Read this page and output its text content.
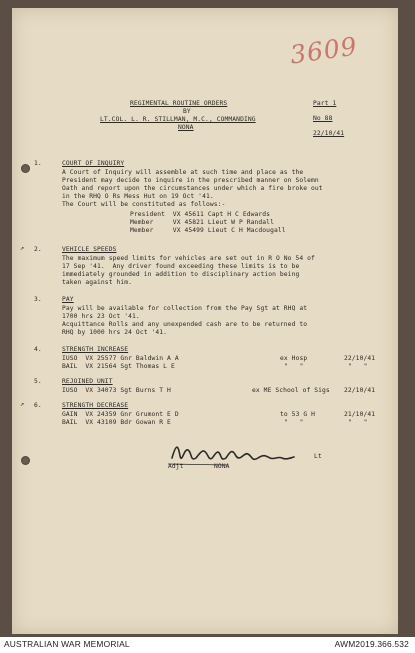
3609
REGIMENTAL ROUTINE ORDERS
BY
LT.COL. L. R. STILLMAN, M.C., COMMANDING
NONA
Part 1
No 88
22/10/41
1.	COURT OF INQUIRY
A Court of Inquiry will assemble at such time and place as the
President may decide to inquire in the prescribed manner on Solemn
Oath and report upon the circumstances under which a fire broke out
in the RHQ O Rs Mess Hut on 19 Oct '41.
The Court will be constituted as follows:-
President  VX 45611 Capt H C Edwards
Member     VX 45821 Lieut W P Randall
Member     VX 45499 Lieut C H Macdougall
2.	VEHICLE SPEEDS
The maximum speed limits for vehicles are set out in R O No 54 of
17 Sep '41.  Any driver found exceeding these limits is to be
immediately grounded in addition to disciplinary action being
taken against him.
3.	PAY
Pay will be available for collection from the Pay Sgt at RHQ at
1700 hrs 23 Oct '41.
Acquittance Rolls and any unexpended cash are to be returned to
RHQ by 1000 hrs 24 Oct '41.
4.	STRENGTH INCREASE
IUSO  VX 25577 Gnr Baldwin A A	ex Hosp	22/10/41
BAIL  VX 21564 Sgt Thomas L E	"   "	"   "
5.	REJOINED UNIT
IUSO  VX 34073 Sgt Burns T H	ex ME School of Sigs 22/10/41
6.	STRENGTH DECREASE
GAIN  VX 24359 Gnr Grumont E D	to 53 G H	21/10/41
BAIL  VX 43109 Bdr Gowan R E	"   "	"   "
↗
↗
Lt
Adjt	NONA
AUSTRALIAN WAR MEMORIAL	AWM2019.366.532
